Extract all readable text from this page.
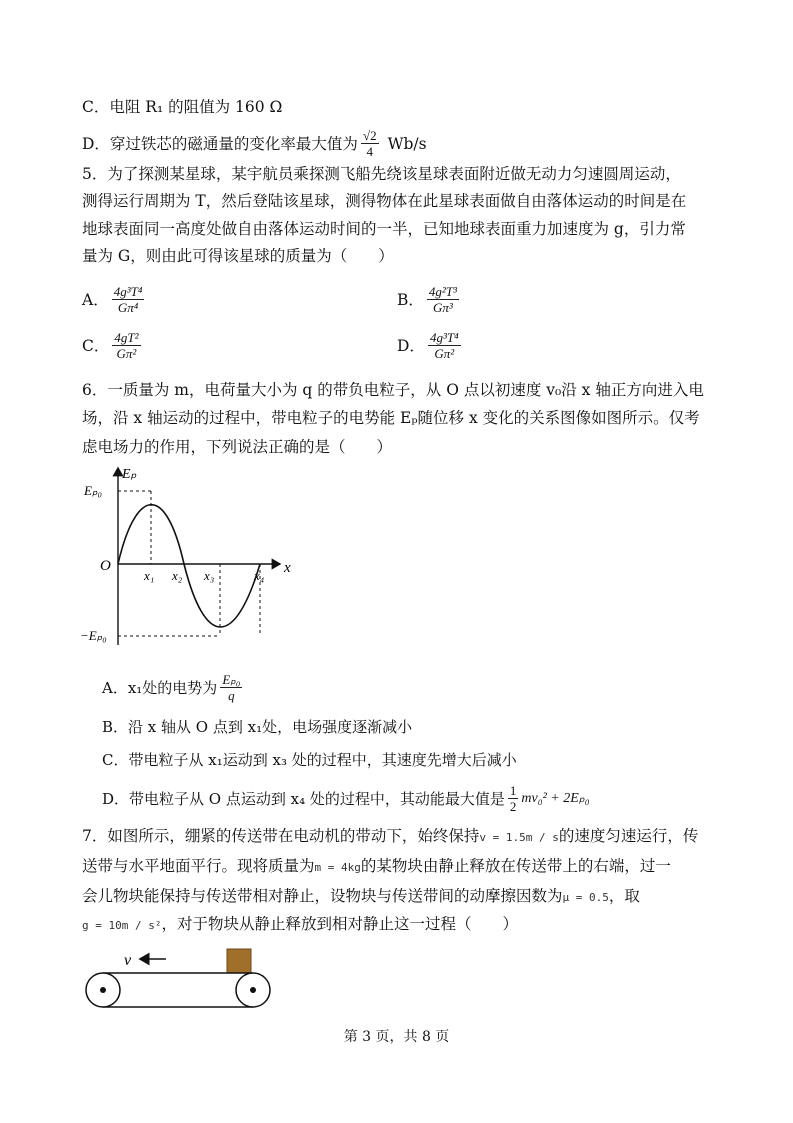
C．电阻 R₁ 的阻值为 160 Ω
D．穿过铁芯的磁通量的变化率最大值为 $\frac{√2}{4} Wb/s$
5．为了探测某星球，某宇航员乘探测飞船先绕该星球表面附近做无动力匀速圆周运动，
测得运行周期为 T，然后登陆该星球，测得物体在此星球表面做自由落体运动的时间是在
地球表面同一高度处做自由落体运动时间的一半，已知地球表面重力加速度为 g，引力常
量为 G，则由此可得该星球的质量为（　　）
A． $\frac{\text{4g³T⁴}}{\text{Gπ⁴}}$	B． $\frac{\text{4g²T³}}{\text{Gπ³}}$
C． $\frac{\text{4gT²}}{\text{Gπ²}}$	D． $\frac{\text{4g³T⁴}}{\text{Gπ²}}$
6．一质量为 m，电荷量大小为 q 的带负电粒子，从 O 点以初速度 v₀沿 x 轴正方向进入电
场，沿 x 轴运动的过程中，带电粒子的电势能 Eₚ随位移 x 变化的关系图像如图所示。仅考
虑电场力的作用，下列说法正确的是（　　）
Eₚ
x
O
Eₚ₀
−Eₚ₀
x₁ x₂ x₃	x₄
A．x₁处的电势为 $\frac{\text{Eₚ₀}}{q}$
B．沿 x 轴从 O 点到 x₁处，电场强度逐渐减小
C．带电粒子从 x₁运动到 x₃ 处的过程中，其速度先增大后减小
D．带电粒子从 O 点运动到 x₄ 处的过程中，其动能最大值是 $\frac{1}{2} mv_0^2 + 2E_{p0}$
7．如图所示，绷紧的传送带在电动机的带动下，始终保持v = 1.5m / s的速度匀速运行，传
送带与水平地面平行。现将质量为m = 4kg的某物块由静止释放在传送带上的右端，过一
会儿物块能保持与传送带相对静止，设物块与传送带间的动摩擦因数为μ = 0.5，取
g = 10m / s²，对于物块从静止释放到相对静止这一过程（　　）
v
第 3 页，共 8 页
